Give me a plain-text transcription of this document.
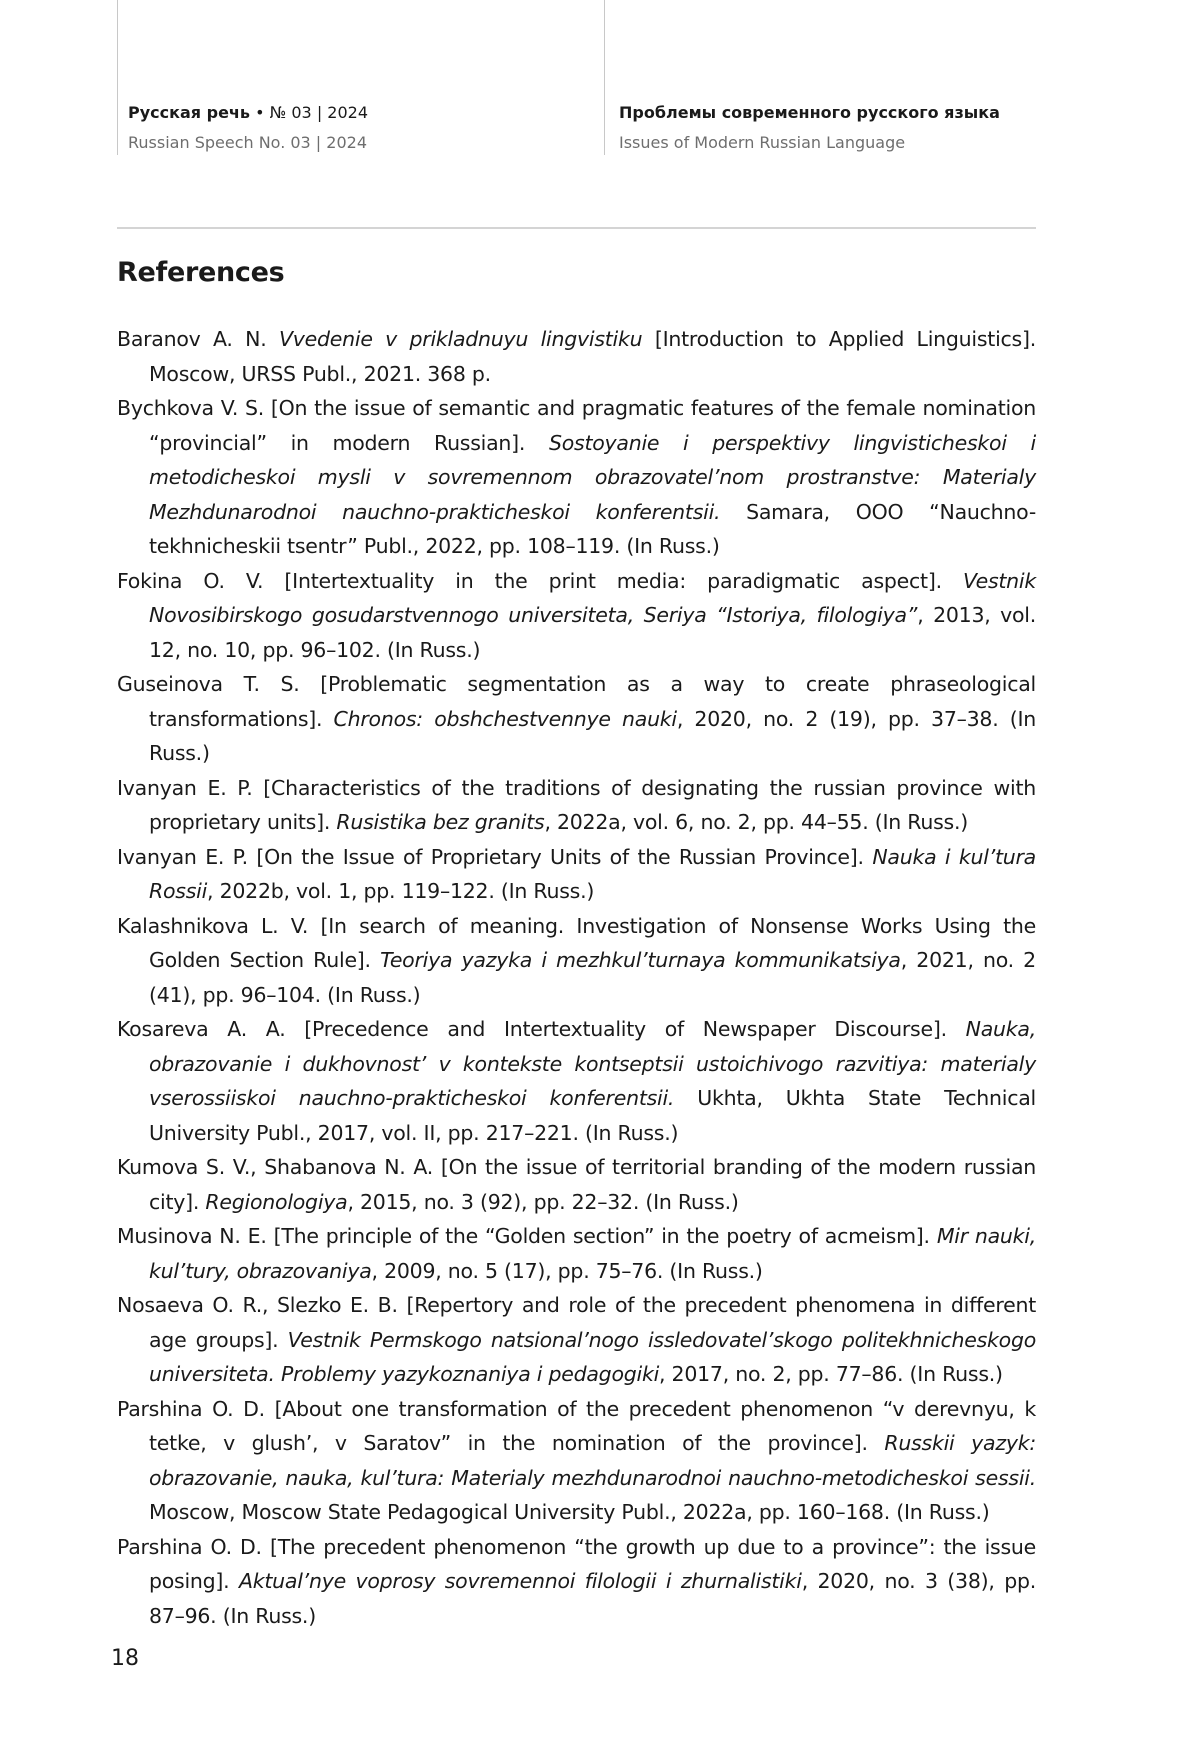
Русская речь • № 03 | 2024
Russian Speech No. 03 | 2024
Проблемы современного русского языка
Issues of Modern Russian Language
References

Baranov A. N. Vvedenie v prikladnuyu lingvistiku [Introduction to Applied Linguistics]. Moscow, URSS Publ., 2021. 368 p.

Bychkova V. S. [On the issue of semantic and pragmatic features of the female nomination “provincial” in modern Russian]. Sostoyanie i perspektivy lingvisticheskoi i metodicheskoi mysli v sovremennom obrazovatel’nom prostranstve: Materialy Mezhdunarodnoi nauchno-prakticheskoi konferentsii. Samara, OOO “Nauchno-tekhnicheskii tsentr” Publ., 2022, pp. 108–119. (In Russ.)

Fokina O. V. [Intertextuality in the print media: paradigmatic aspect]. Vestnik Novosibirskogo gosudarstvennogo universiteta, Seriya “Istoriya, filologiya”, 2013, vol. 12, no. 10, pp. 96–102. (In Russ.)

Guseinova T. S. [Problematic segmentation as a way to create phraseological transformations]. Chronos: obshchestvennye nauki, 2020, no. 2 (19), pp. 37–38. (In Russ.)

Ivanyan E. P. [Characteristics of the traditions of designating the russian province with proprietary units]. Rusistika bez granits, 2022a, vol. 6, no. 2, pp. 44–55. (In Russ.)

Ivanyan E. P. [On the Issue of Proprietary Units of the Russian Province]. Nauka i kul’tura Rossii, 2022b, vol. 1, pp. 119–122. (In Russ.)

Kalashnikova L. V. [In search of meaning. Investigation of Nonsense Works Using the Golden Section Rule]. Teoriya yazyka i mezhkul’turnaya kommunikatsiya, 2021, no. 2 (41), pp. 96–104. (In Russ.)

Kosareva A. A. [Precedence and Intertextuality of Newspaper Discourse]. Nauka, obrazovanie i dukhovnost’ v kontekste kontseptsii ustoichivogo razvitiya: materialy vserossiiskoi nauchno-prakticheskoi konferentsii. Ukhta, Ukhta State Technical University Publ., 2017, vol. II, pp. 217–221. (In Russ.)

Kumova S. V., Shabanova N. A. [On the issue of territorial branding of the modern russian city]. Regionologiya, 2015, no. 3 (92), pp. 22–32. (In Russ.)

Musinova N. E. [The principle of the “Golden section” in the poetry of acmeism]. Mir nauki, kul’tury, obrazovaniya, 2009, no. 5 (17), pp. 75–76. (In Russ.)

Nosaeva O. R., Slezko E. B. [Repertory and role of the precedent phenomena in different age groups]. Vestnik Permskogo natsional’nogo issledovatel’skogo politekhnicheskogo universiteta. Problemy yazykoznaniya i pedagogiki, 2017, no. 2, pp. 77–86. (In Russ.)

Parshina O. D. [About one transformation of the precedent phenomenon “v derevnyu, k tetke, v glush’, v Saratov” in the nomination of the province]. Russkii yazyk: obrazovanie, nauka, kul’tura: Materialy mezhdunarodnoi nauchno-metodicheskoi sessii. Moscow, Moscow State Pedagogical University Publ., 2022a, pp. 160–168. (In Russ.)

Parshina O. D. [The precedent phenomenon “the growth up due to a province”: the issue posing]. Aktual’nye voprosy sovremennoi filologii i zhurnalistiki, 2020, no. 3 (38), pp. 87–96. (In Russ.)

18
